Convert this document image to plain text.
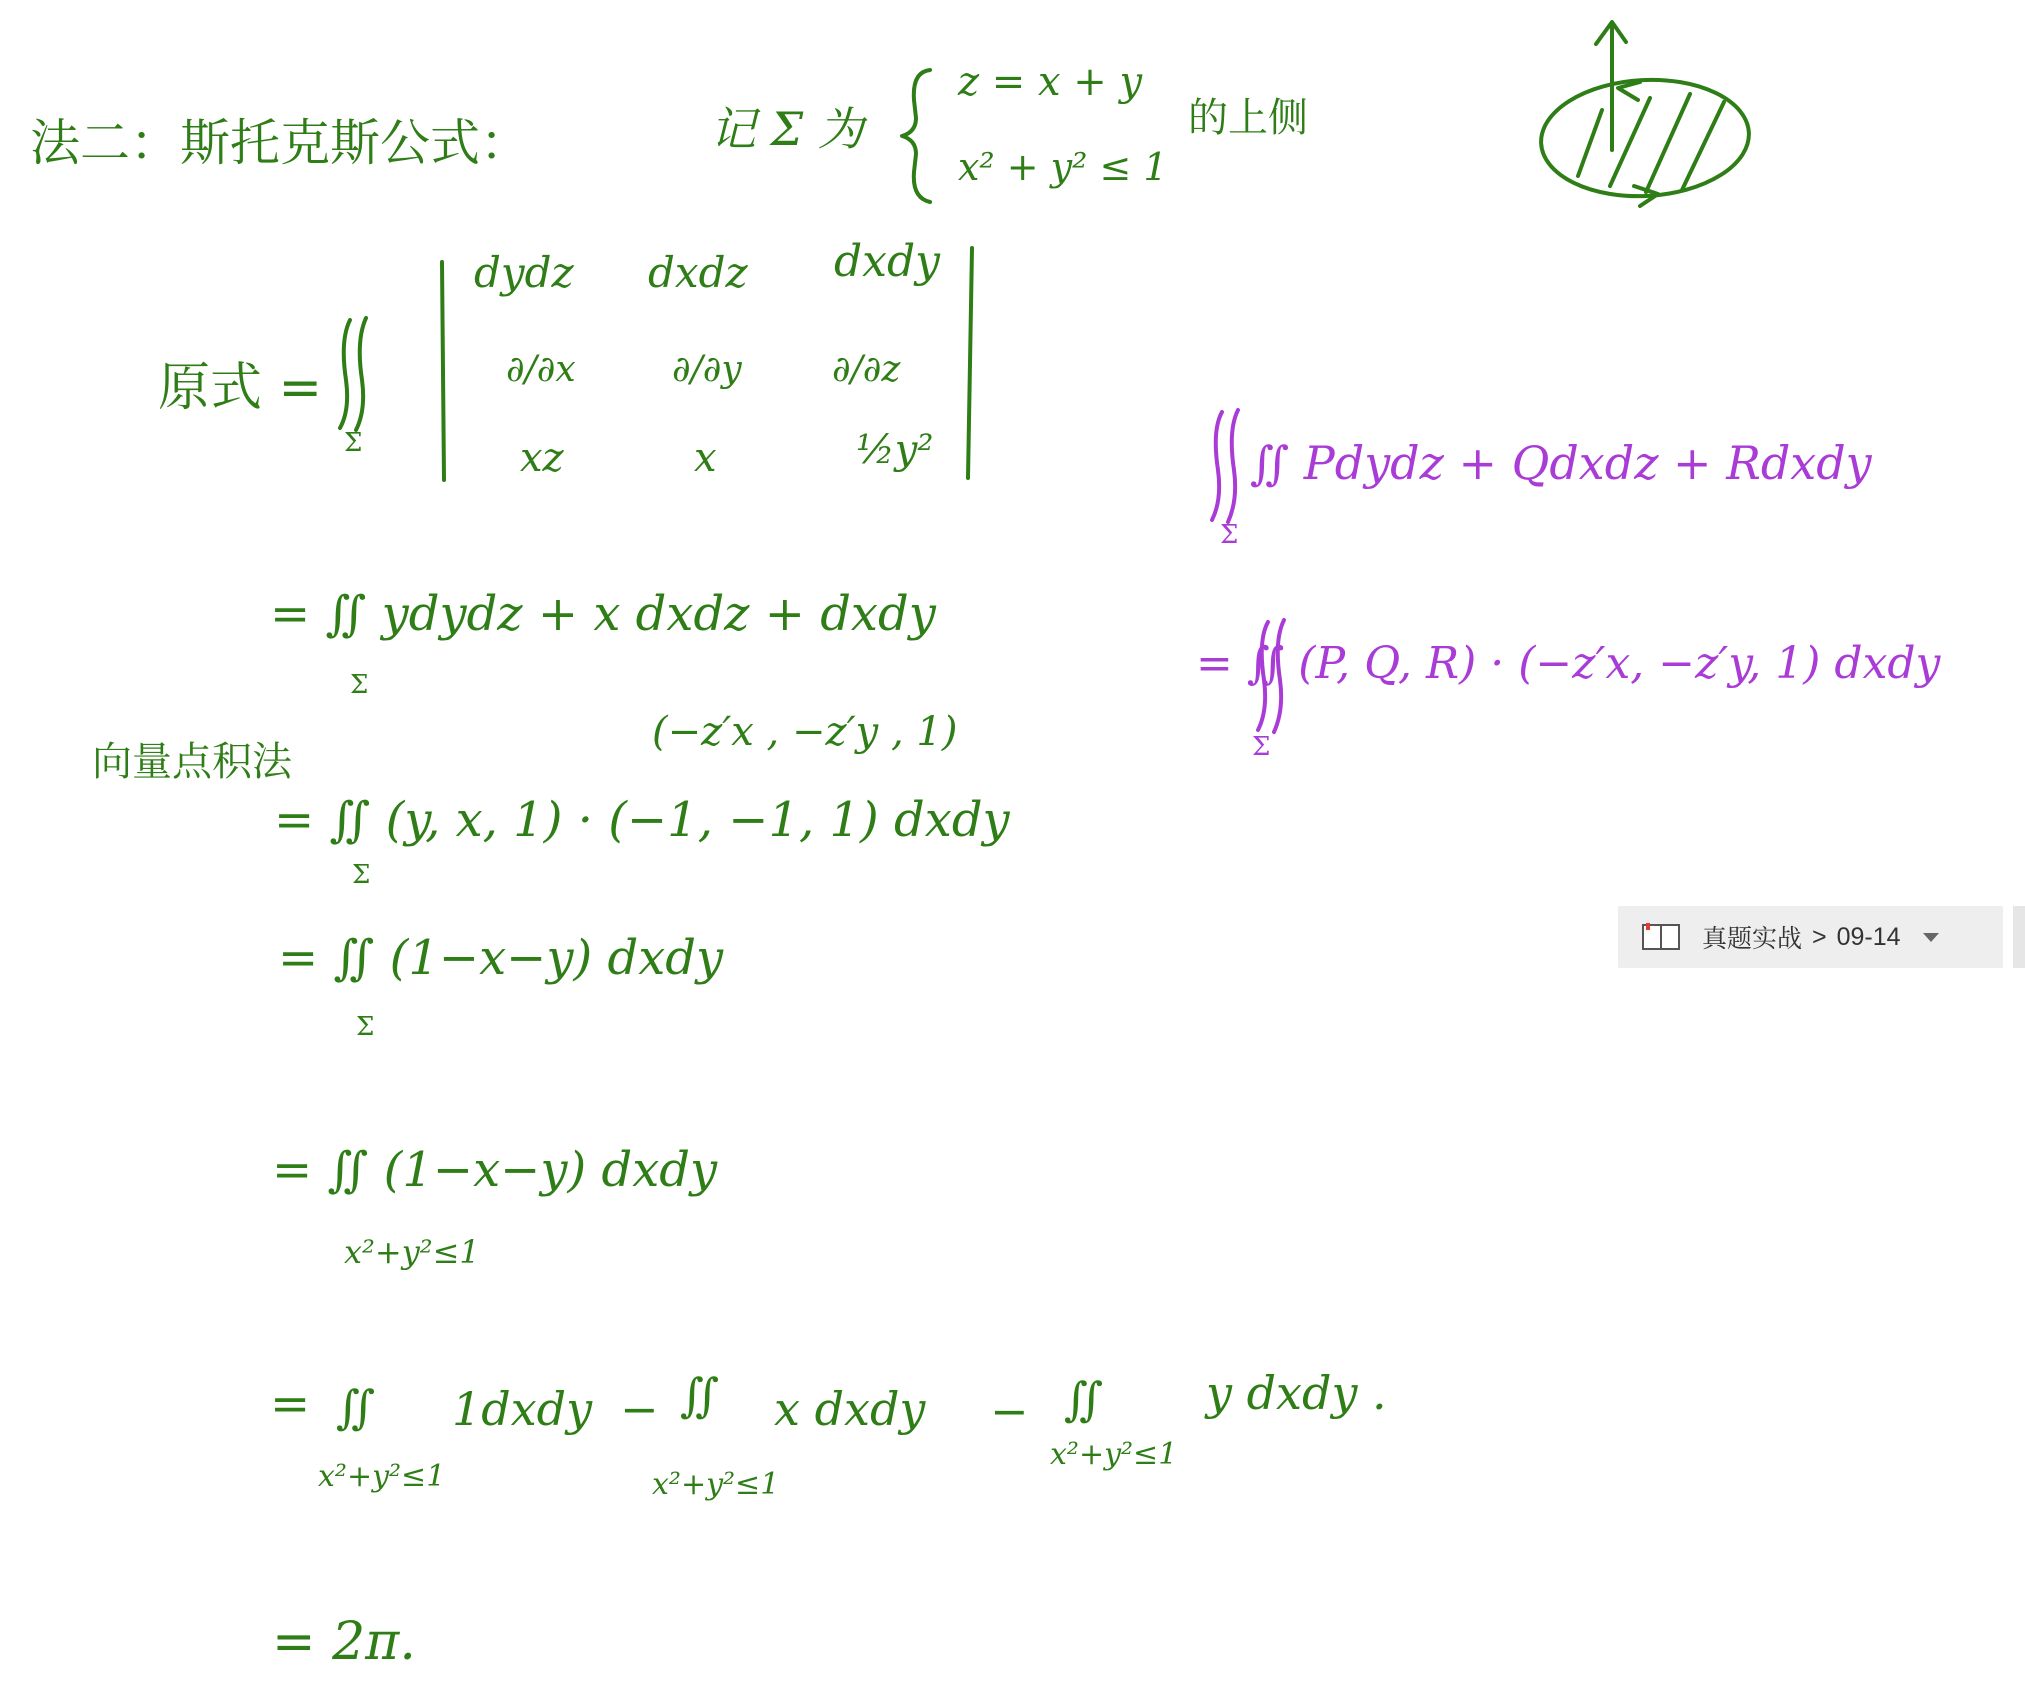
法二：斯托克斯公式：	记 Σ 为
z = x + y
x² + y² ≤ 1
的上侧
原式 =
Σ
dydz dxdz dxdy
∂/∂x	∂/∂y	∂/∂z
xz	x	½y²
= ∬ ydydz + x dxdz + dxdy
Σ
(−z′x , −z′y , 1)
向量点积法
= ∬ (y, x, 1) · (−1, −1, 1) dxdy
Σ
= ∬ (1−x−y) dxdy
Σ
= ∬ (1−x−y) dxdy
x²+y²≤1
= ∬ 1dxdy − ∬ x dxdy − ∬ y dxdy .
x²+y²≤1	x²+y²≤1
x²+y²≤1
= 2π.
∬ Pdydz + Qdxdz + Rdxdy
Σ
= ∬ (P, Q, R) · (−z′x, −z′y, 1) dxdy
Σ
真题实战 > 09-14
